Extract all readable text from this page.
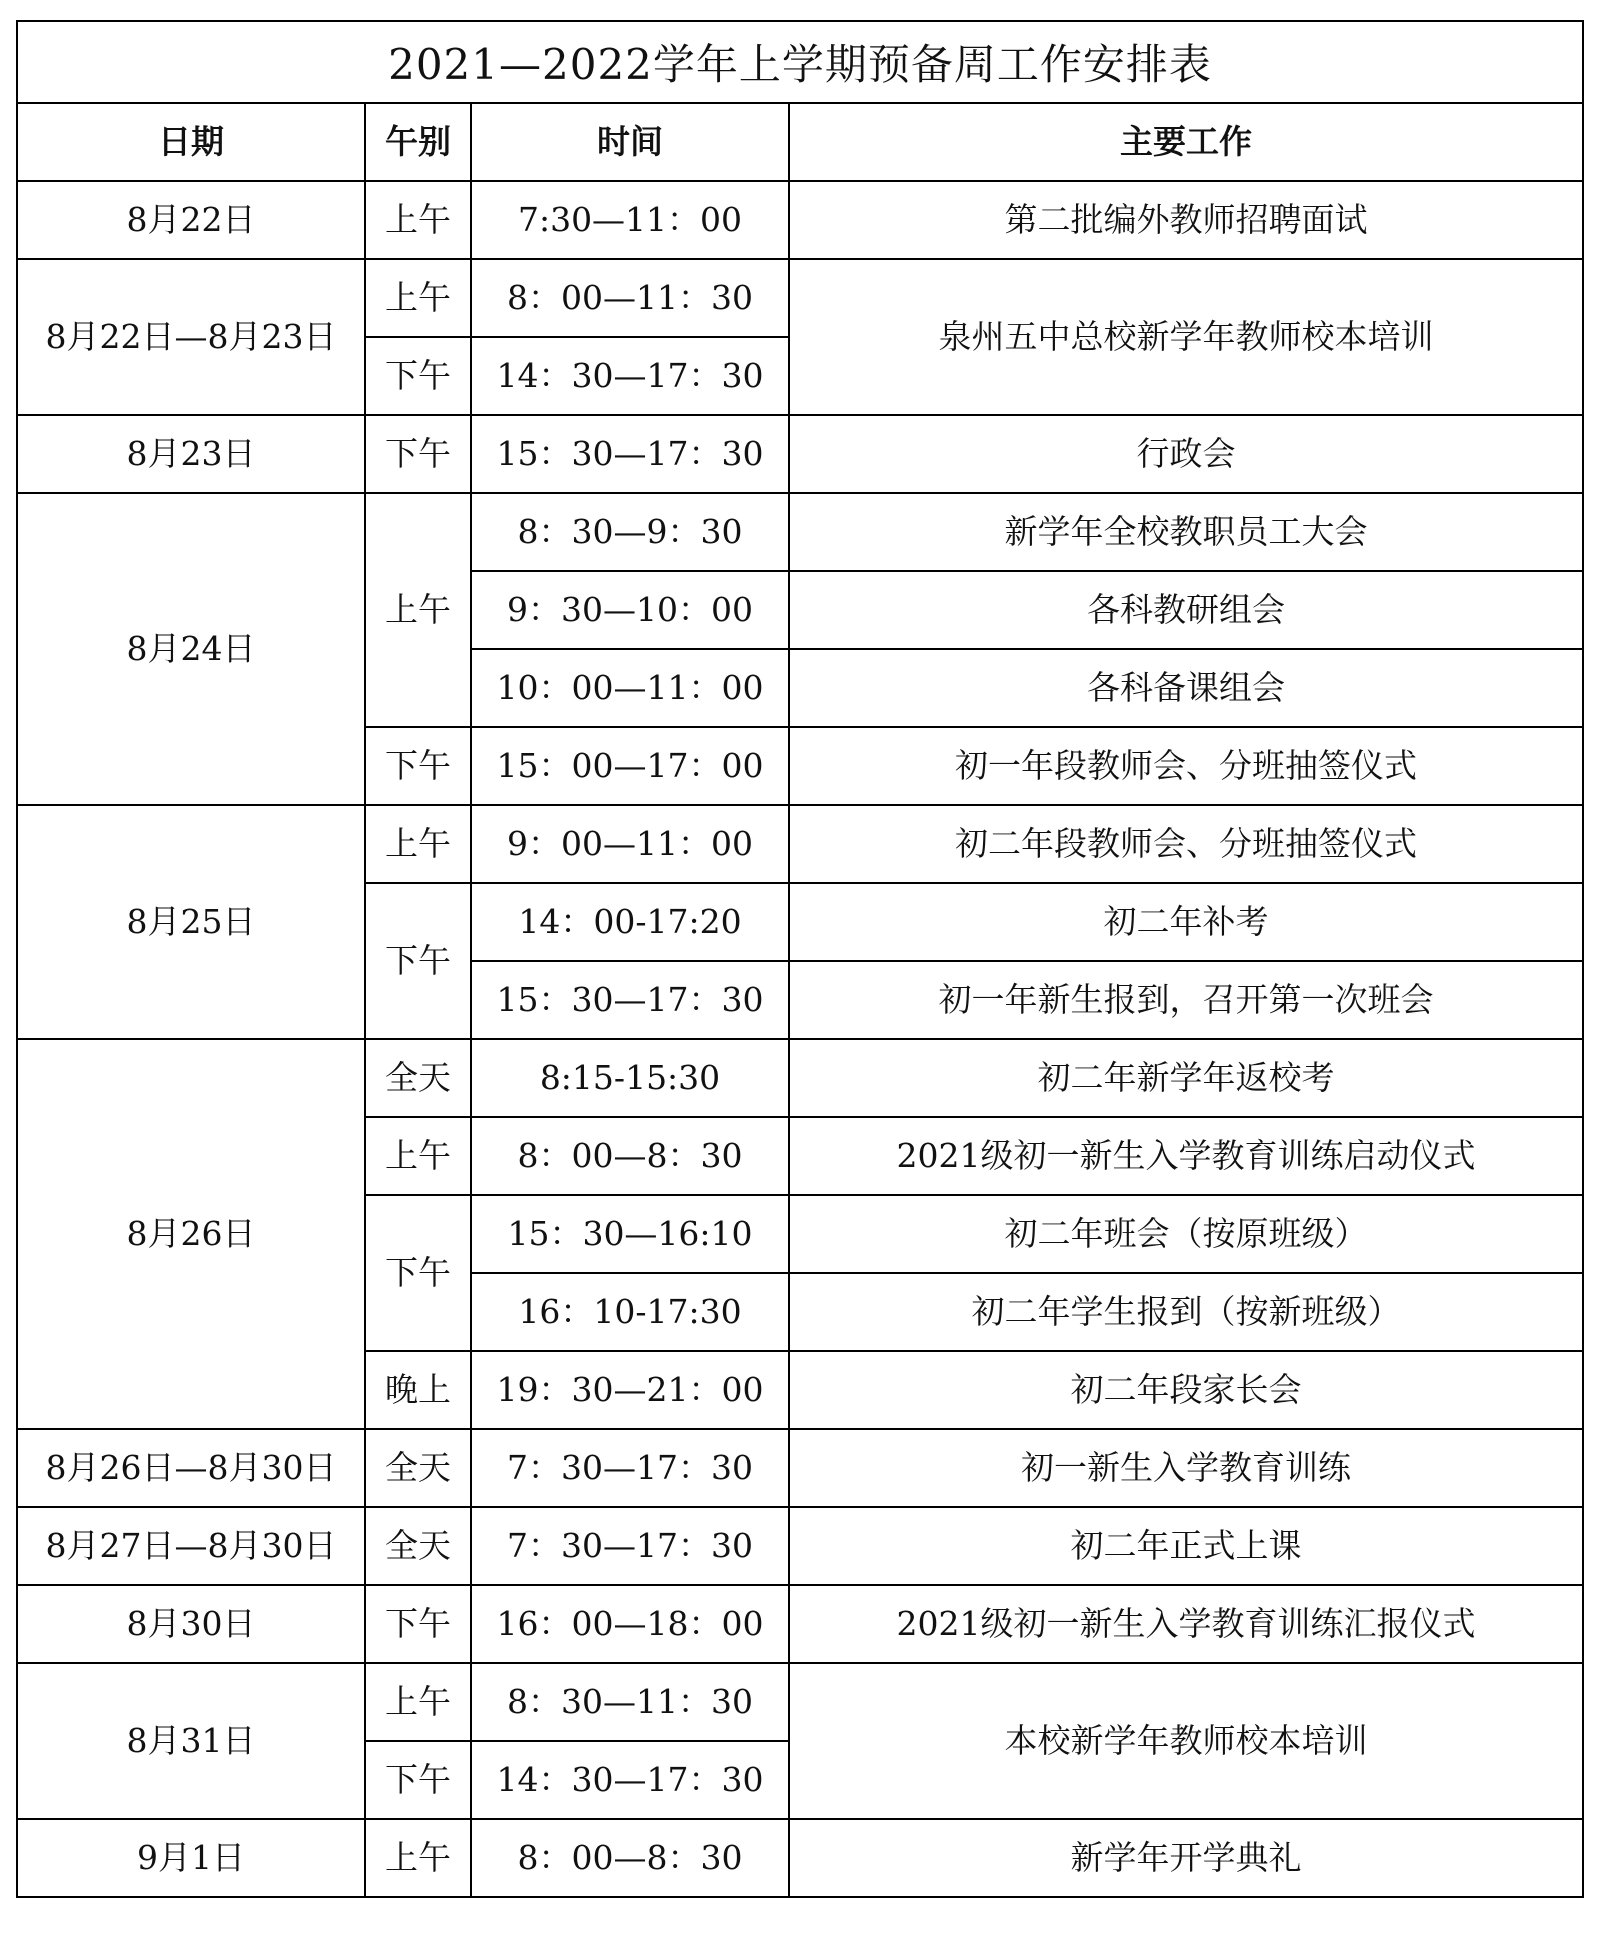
2021—2022学年上学期预备周工作安排表
日期	午别	时间	主要工作
8月22日	上午	7:30—11：00	第二批编外教师招聘面试
8月22日—8月23日	上午	8：00—11：30	泉州五中总校新学年教师校本培训
	下午	14：30—17：30	
8月23日	下午	15：30—17：30	行政会
8月24日	上午	8：30—9：30	新学年全校教职员工大会
		9：30—10：00	各科教研组会
		10：00—11：00	各科备课组会
	下午	15：00—17：00	初一年段教师会、分班抽签仪式
8月25日	上午	9：00—11：00	初二年段教师会、分班抽签仪式
	下午	14：00-17:20	初二年补考
		15：30—17：30	初一年新生报到，召开第一次班会
8月26日	全天	8:15-15:30	初二年新学年返校考
	上午	8：00—8：30	2021级初一新生入学教育训练启动仪式
	下午	15：30—16:10	初二年班会（按原班级）
		16：10-17:30	初二年学生报到（按新班级）
	晚上	19：30—21：00	初二年段家长会
8月26日—8月30日	全天	7：30—17：30	初一新生入学教育训练
8月27日—8月30日	全天	7：30—17：30	初二年正式上课
8月30日	下午	16：00—18：00	2021级初一新生入学教育训练汇报仪式
8月31日	上午	8：30—11：30	本校新学年教师校本培训
	下午	14：30—17：30	
9月1日	上午	8：00—8：30	新学年开学典礼
